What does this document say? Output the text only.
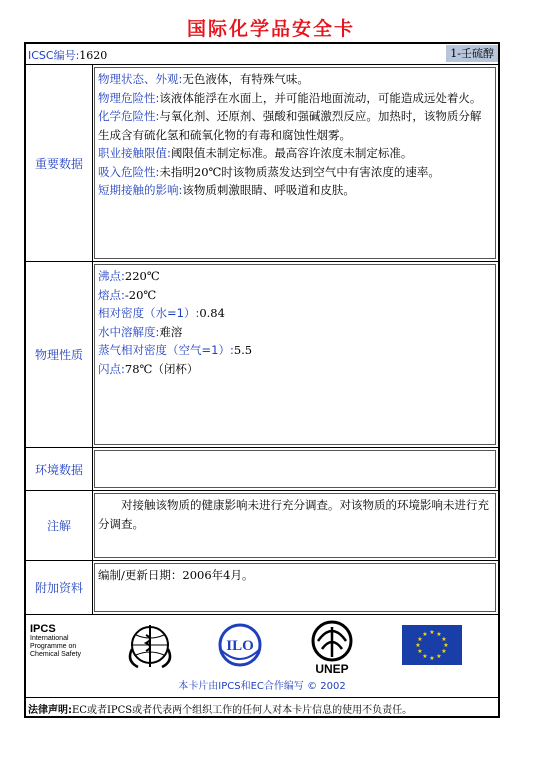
国际化学品安全卡
ICSC编号:1620	1-壬硫醇
重要数据
物理状态、外观:无色液体，有特殊气味。
物理危险性:该液体能浮在水面上，并可能沿地面流动，可能造成远处着火。
化学危险性:与氧化剂、还原剂、强酸和强碱激烈反应。加热时，该物质分解生成含有硫化氢和硫氧化物的有毒和腐蚀性烟雾。
职业接触限值:阈限值未制定标准。最高容许浓度未制定标准。
吸入危险性:未指明20℃时该物质蒸发达到空气中有害浓度的速率。
短期接触的影响:该物质刺激眼睛、呼吸道和皮肤。
物理性质
沸点:220℃
熔点:-20℃
相对密度（水=1）:0.84
水中溶解度:难溶
蒸气相对密度（空气=1）:5.5
闪点:78℃（闭杯）
环境数据
注解
对接触该物质的健康影响未进行充分调查。对该物质的环境影响未进行充分调查。
附加资料
编制/更新日期：2006年4月。
IPCS
International
Programme on
Chemical Safety
ILO
UNEP
★ ★
★
★
★
★
★
★
★
★
★
★
本卡片由IPCS和EC合作编写 © 2002
法律声明:EC或者IPCS或者代表两个组织工作的任何人对本卡片信息的使用不负责任。
